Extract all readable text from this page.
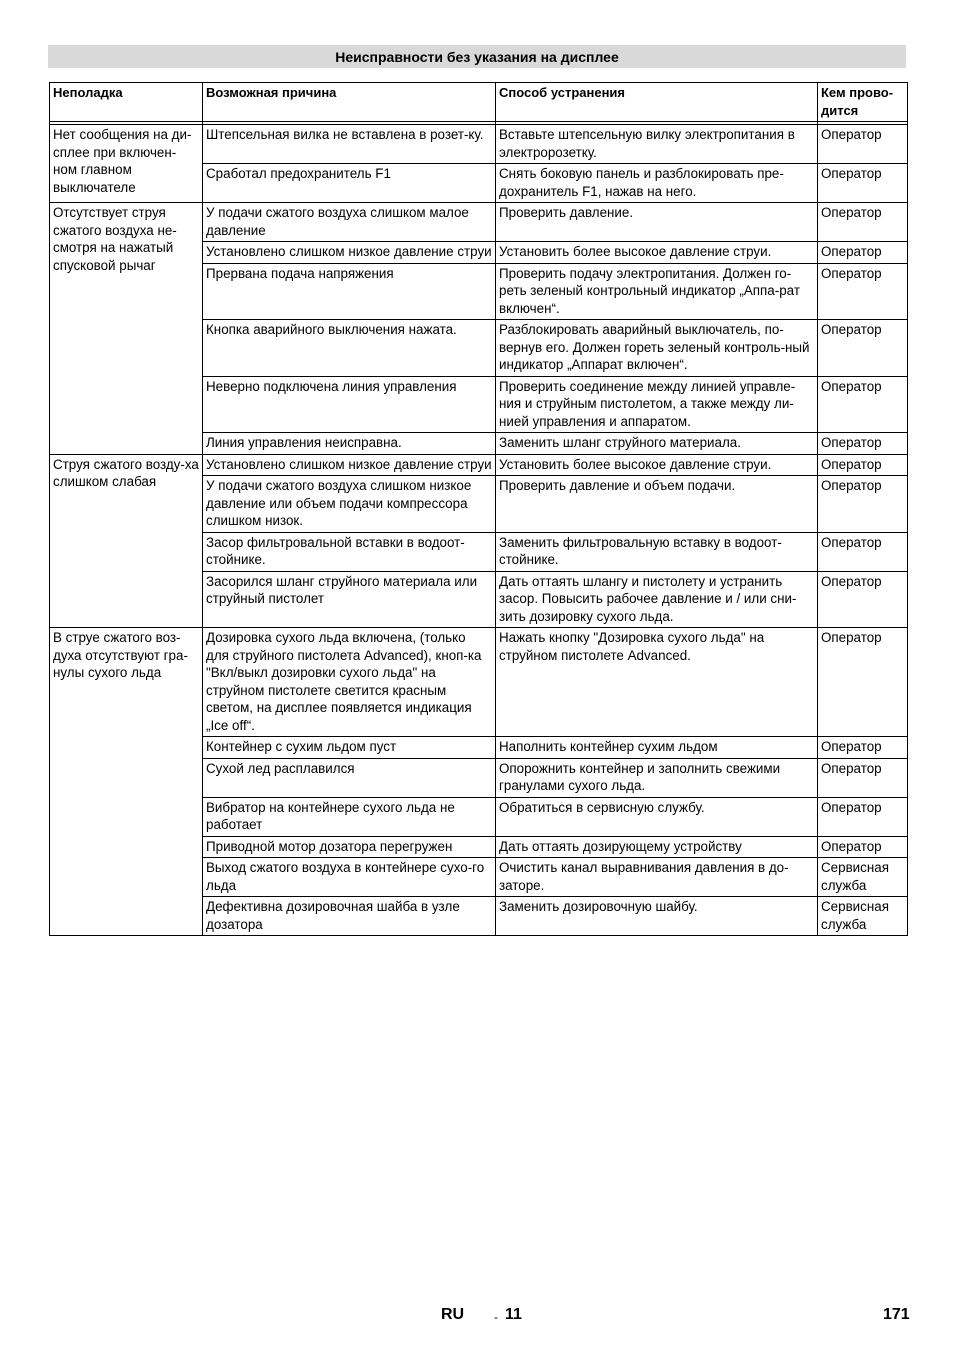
Неисправности без указания на дисплее
Неполадка	Возможная причина	Способ устранения	Кем прово-дится

Нет сообщения на ди-сплее при включен-ном главном выключателе	Штепсельная вилка не вставлена в розет-ку.	Вставьте штепсельную вилку электропитания в электророзетку.	Оператор
	Сработал предохранитель F1	Снять боковую панель и разблокировать пре-дохранитель F1, нажав на него.	Оператор
Отсутствует струя сжатого воздуха не-смотря на нажатый спусковой рычаг	У подачи сжатого воздуха слишком малое давление	Проверить давление.	Оператор
	Установлено слишком низкое давление струи	Установить более высокое давление струи.	Оператор
	Прервана подача напряжения	Проверить подачу электропитания. Должен го-реть зеленый контрольный индикатор „Аппа-рат включен“.	Оператор
	Кнопка аварийного выключения нажата.	Разблокировать аварийный выключатель, по-вернув его. Должен гореть зеленый контроль-ный индикатор „Аппарат включен“.	Оператор
	Неверно подключена линия управления	Проверить соединение между линией управле-ния и струйным пистолетом, а также между ли-нией управления и аппаратом.	Оператор
	Линия управления неисправна.	Заменить шланг струйного материала.	Оператор
Струя сжатого возду-ха слишком слабая	Установлено слишком низкое давление струи	Установить более высокое давление струи.	Оператор
	У подачи сжатого воздуха слишком низкое давление или объем подачи компрессора слишком низок.	Проверить давление и объем подачи.	Оператор
	Засор фильтровальной вставки в водоот-стойнике.	Заменить фильтровальную вставку в водоот-стойнике.	Оператор
	Засорился шланг струйного материала или струйный пистолет	Дать оттаять шлангу и пистолету и устранить засор. Повысить рабочее давление и / или сни-зить дозировку сухого льда.	Оператор
В струе сжатого воз-духа отсутствуют гра-нулы сухого льда	Дозировка сухого льда включена, (только для струйного пистолета Advanced), кноп-ка "Вкл/выкл дозировки сухого льда" на струйном пистолете светится красным светом, на дисплее появляется индикация „Ice off“.	Нажать кнопку "Дозировка сухого льда" на струйном пистолете Advanced.	Оператор
	Контейнер с сухим льдом пуст	Наполнить контейнер сухим льдом	Оператор
	Сухой лед расплавился	Опорожнить контейнер и заполнить свежими гранулами сухого льда.	Оператор
	Вибратор на контейнере сухого льда не работает	Обратиться в сервисную службу.	Оператор
	Приводной мотор дозатора перегружен	Дать оттаять дозирующему устройству	Оператор
	Выход сжатого воздуха в контейнере сухо-го льда	Очистить канал выравнивания давления в до-заторе.	Сервисная служба
	Дефективна дозировочная шайба в узле дозатора	Заменить дозировочную шайбу.	Сервисная служба
RU - 11	171
